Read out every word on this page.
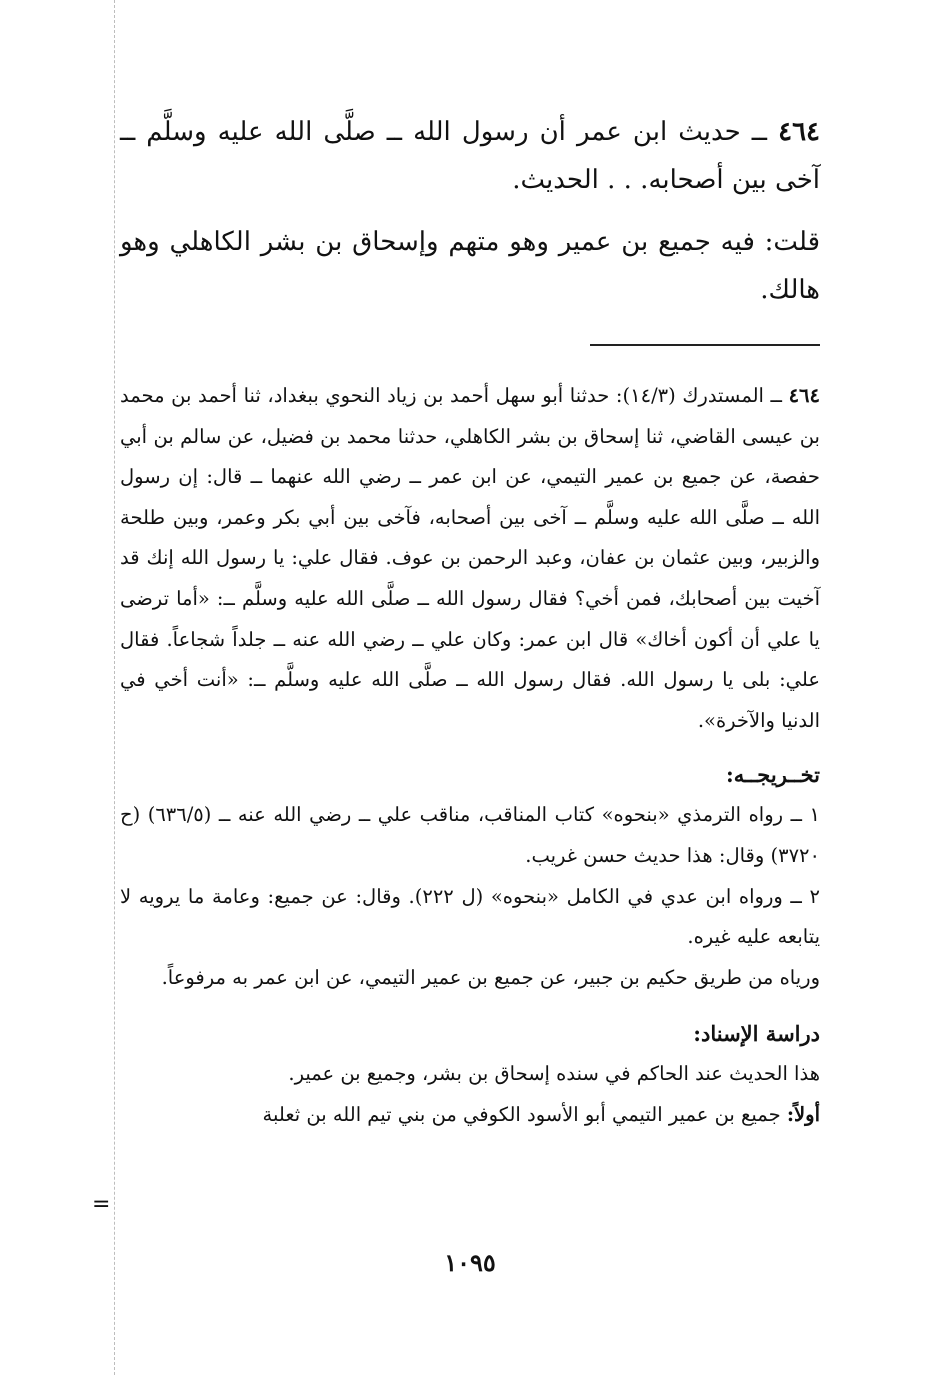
٤٦٤ ــ حديث ابن عمر أن رسول الله ــ صلَّى الله عليه وسلَّم ــ آخى بين أصحابه. . . الحديث.

قلت: فيه جميع بن عمير وهو متهم وإسحاق بن بشر الكاهلي وهو هالك.

٤٦٤ ــ المستدرك (١٤/٣): حدثنا أبو سهل أحمد بن زياد النحوي ببغداد، ثنا أحمد بن محمد بن عيسى القاضي، ثنا إسحاق بن بشر الكاهلي، حدثنا محمد بن فضيل، عن سالم بن أبي حفصة، عن جميع بن عمير التيمي، عن ابن عمر ــ رضي الله عنهما ــ قال: إن رسول الله ــ صلَّى الله عليه وسلَّم ــ آخى بين أصحابه، فآخى بين أبي بكر وعمر، وبين طلحة والزبير، وبين عثمان بن عفان، وعبد الرحمن بن عوف. فقال علي: يا رسول الله إنك قد آخيت بين أصحابك، فمن أخي؟ فقال رسول الله ــ صلَّى الله عليه وسلَّم ــ: «أما ترضى يا علي أن أكون أخاك» قال ابن عمر: وكان علي ــ رضي الله عنه ــ جلداً شجاعاً. فقال علي: بلى يا رسول الله. فقال رسول الله ــ صلَّى الله عليه وسلَّم ــ: «أنت أخي في الدنيا والآخرة».

تخــريجــه:

١ ــ رواه الترمذي «بنحوه» كتاب المناقب، مناقب علي ــ رضي الله عنه ــ (٦٣٦/٥) (ح ٣٧٢٠) وقال: هذا حديث حسن غريب.

٢ ــ ورواه ابن عدي في الكامل «بنحوه» (ل ٢٢٢). وقال: عن جميع: وعامة ما يرويه لا يتابعه عليه غيره.

ورياه من طريق حكيم بن جبير، عن جميع بن عمير التيمي، عن ابن عمر به مرفوعاً.

دراسة الإسناد:

هذا الحديث عند الحاكم في سنده إسحاق بن بشر، وجميع بن عمير.

أولاً: جميع بن عمير التيمي أبو الأسود الكوفي من بني تيم الله بن ثعلبة

=
١٠٩٥
